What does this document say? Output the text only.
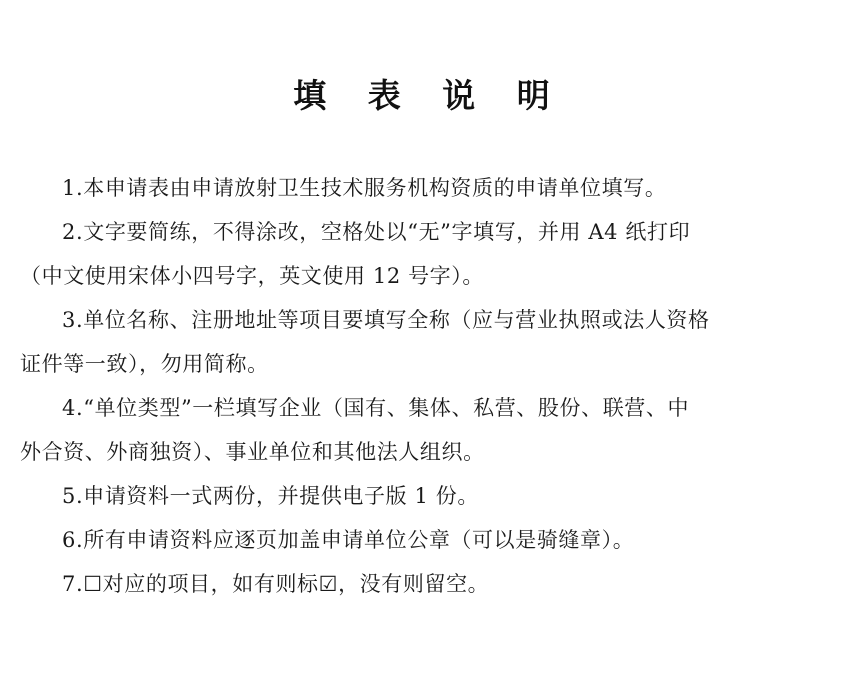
填 表 说 明
1.本申请表由申请放射卫生技术服务机构资质的申请单位填写。
2.文字要简练，不得涂改，空格处以“无”字填写，并用 A4 纸打印
（中文使用宋体小四号字，英文使用 12 号字）。
3.单位名称、注册地址等项目要填写全称（应与营业执照或法人资格
证件等一致），勿用简称。
4.“单位类型”一栏填写企业（国有、集体、私营、股份、联营、中
外合资、外商独资）、事业单位和其他法人组织。
5.申请资料一式两份，并提供电子版 1 份。
6.所有申请资料应逐页加盖申请单位公章（可以是骑缝章）。
7.☐对应的项目，如有则标☑，没有则留空。
